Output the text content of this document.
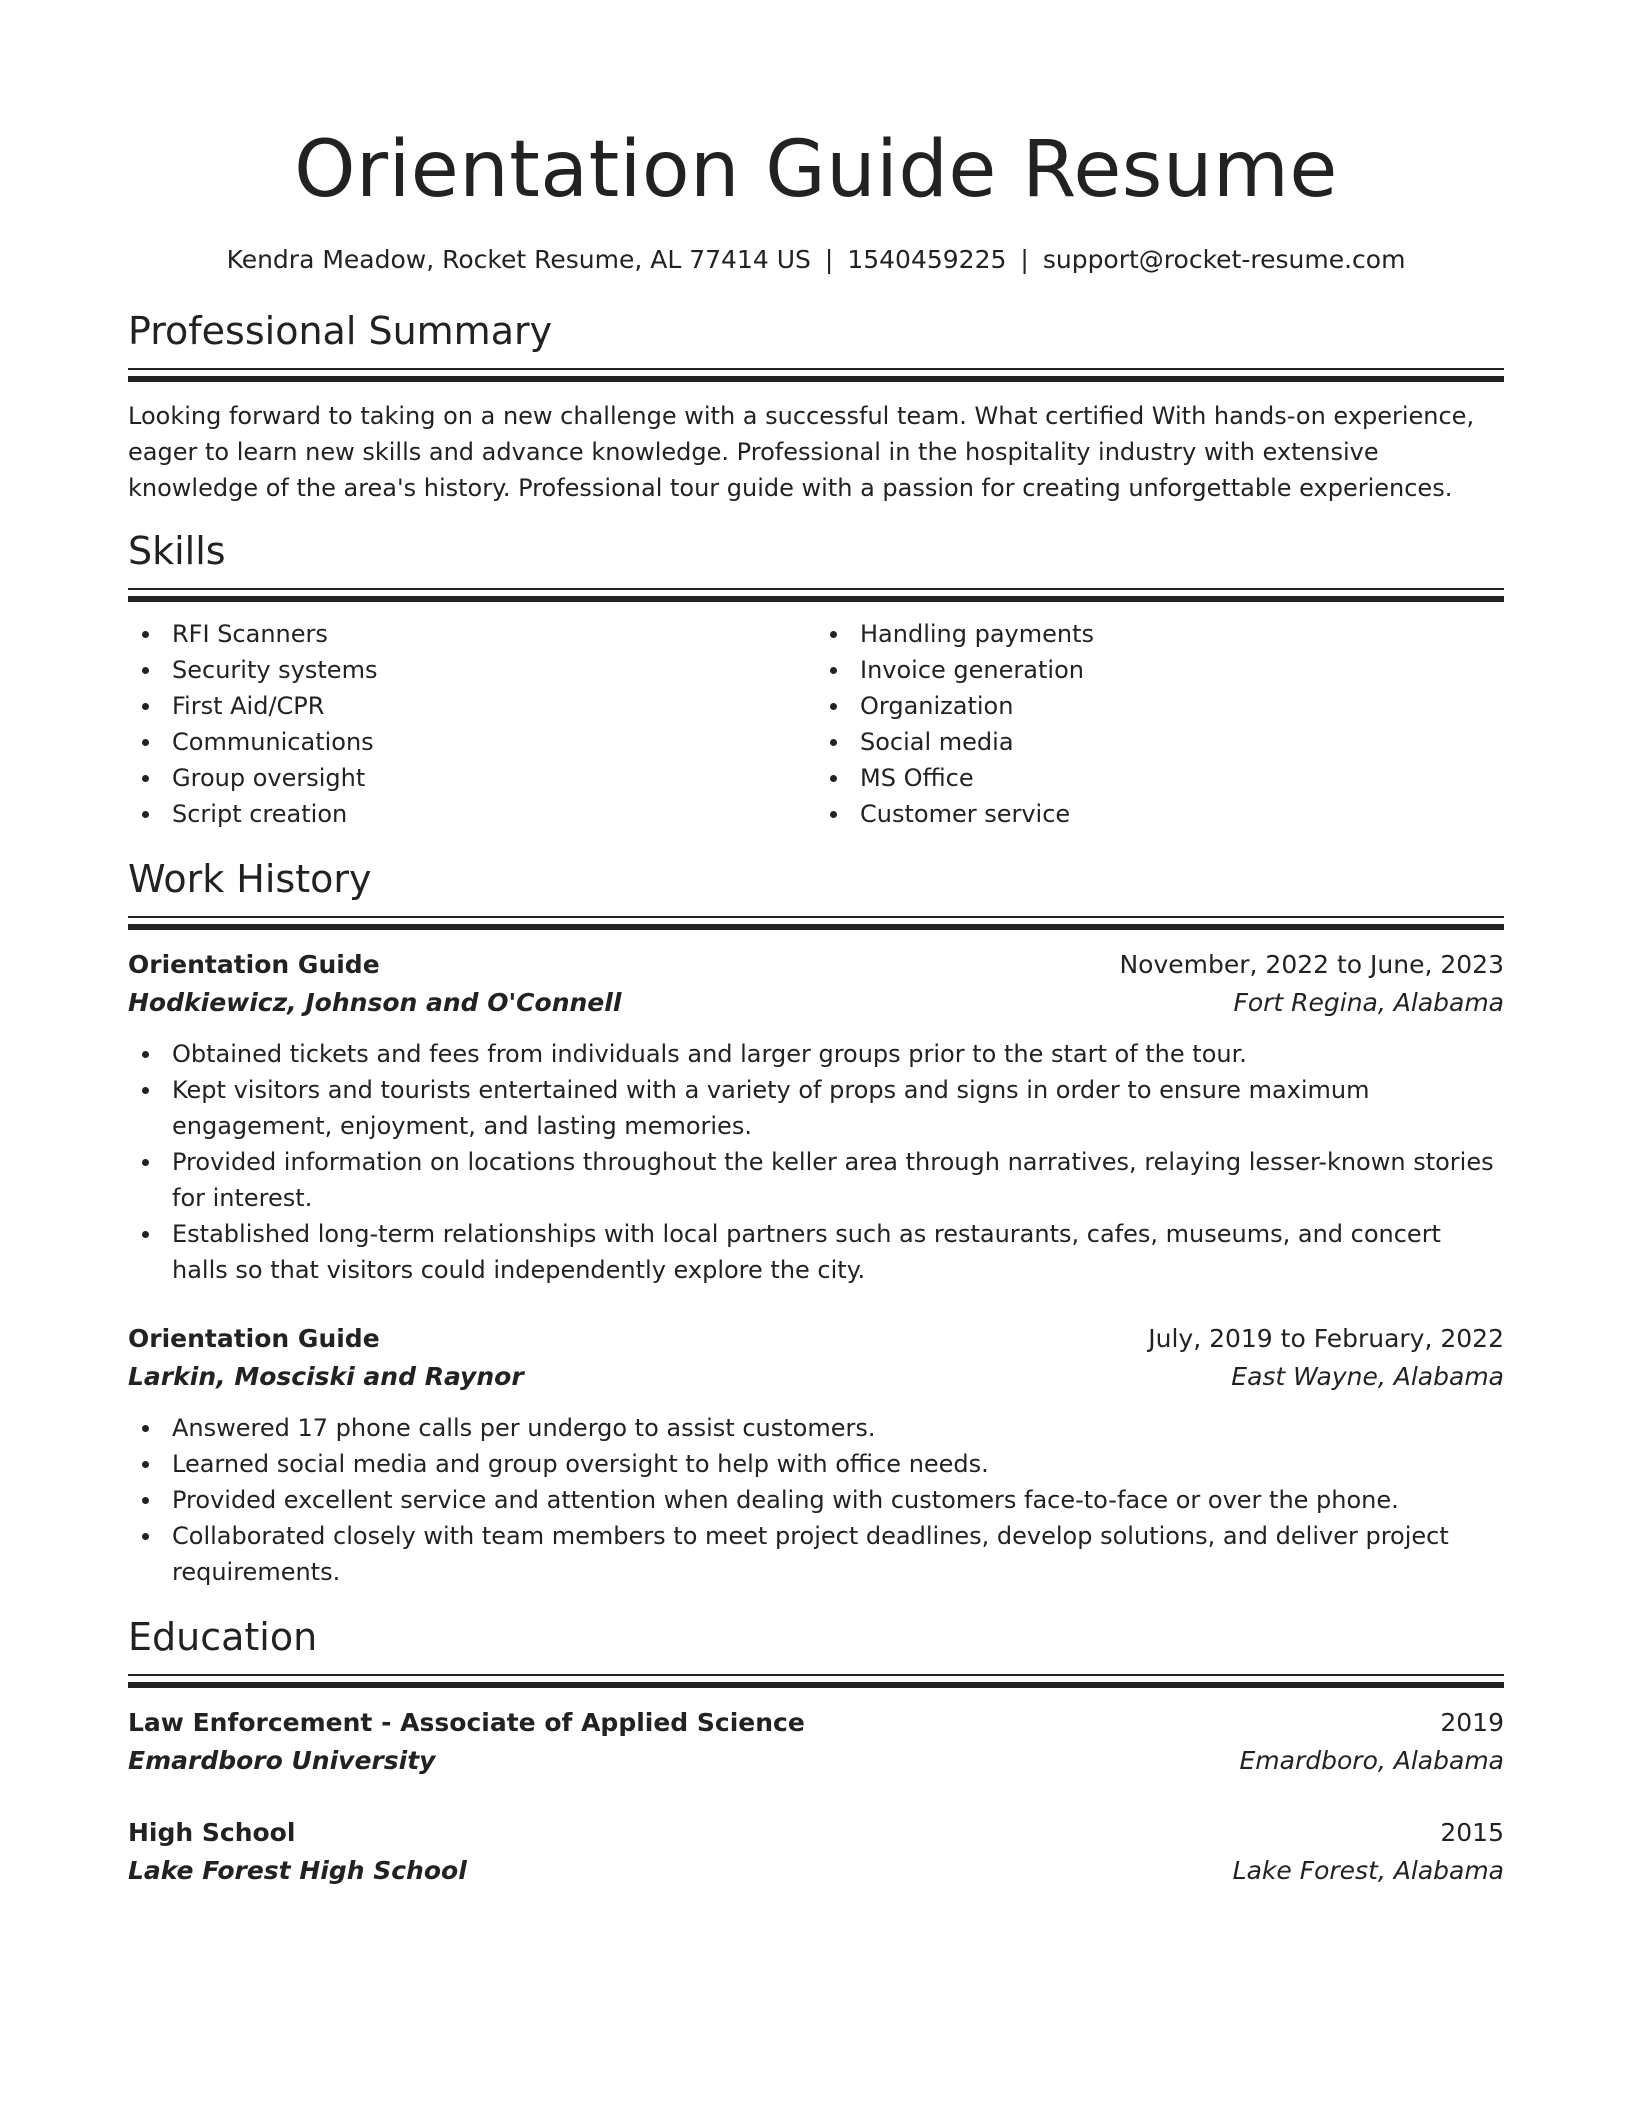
Orientation Guide Resume
Kendra Meadow, Rocket Resume, AL 77414 US | 1540459225 | support@rocket-resume.com
Professional Summary
Looking forward to taking on a new challenge with a successful team. What certified With hands-on experience, eager to learn new skills and advance knowledge. Professional in the hospitality industry with extensive knowledge of the area's history. Professional tour guide with a passion for creating unforgettable experiences.
Skills
RFI Scanners
Security systems
First Aid/CPR
Communications
Group oversight
Script creation
Handling payments
Invoice generation
Organization
Social media
MS Office
Customer service
Work History
Orientation Guide	November, 2022 to June, 2023
Hodkiewicz, Johnson and O'Connell	Fort Regina, Alabama
Obtained tickets and fees from individuals and larger groups prior to the start of the tour.
Kept visitors and tourists entertained with a variety of props and signs in order to ensure maximum engagement, enjoyment, and lasting memories.
Provided information on locations throughout the keller area through narratives, relaying lesser-known stories for interest.
Established long-term relationships with local partners such as restaurants, cafes, museums, and concert halls so that visitors could independently explore the city.
Orientation Guide	July, 2019 to February, 2022
Larkin, Mosciski and Raynor	East Wayne, Alabama
Answered 17 phone calls per undergo to assist customers.
Learned social media and group oversight to help with office needs.
Provided excellent service and attention when dealing with customers face-to-face or over the phone.
Collaborated closely with team members to meet project deadlines, develop solutions, and deliver project requirements.
Education
Law Enforcement - Associate of Applied Science	2019
Emardboro University	Emardboro, Alabama
High School	2015
Lake Forest High School	Lake Forest, Alabama
